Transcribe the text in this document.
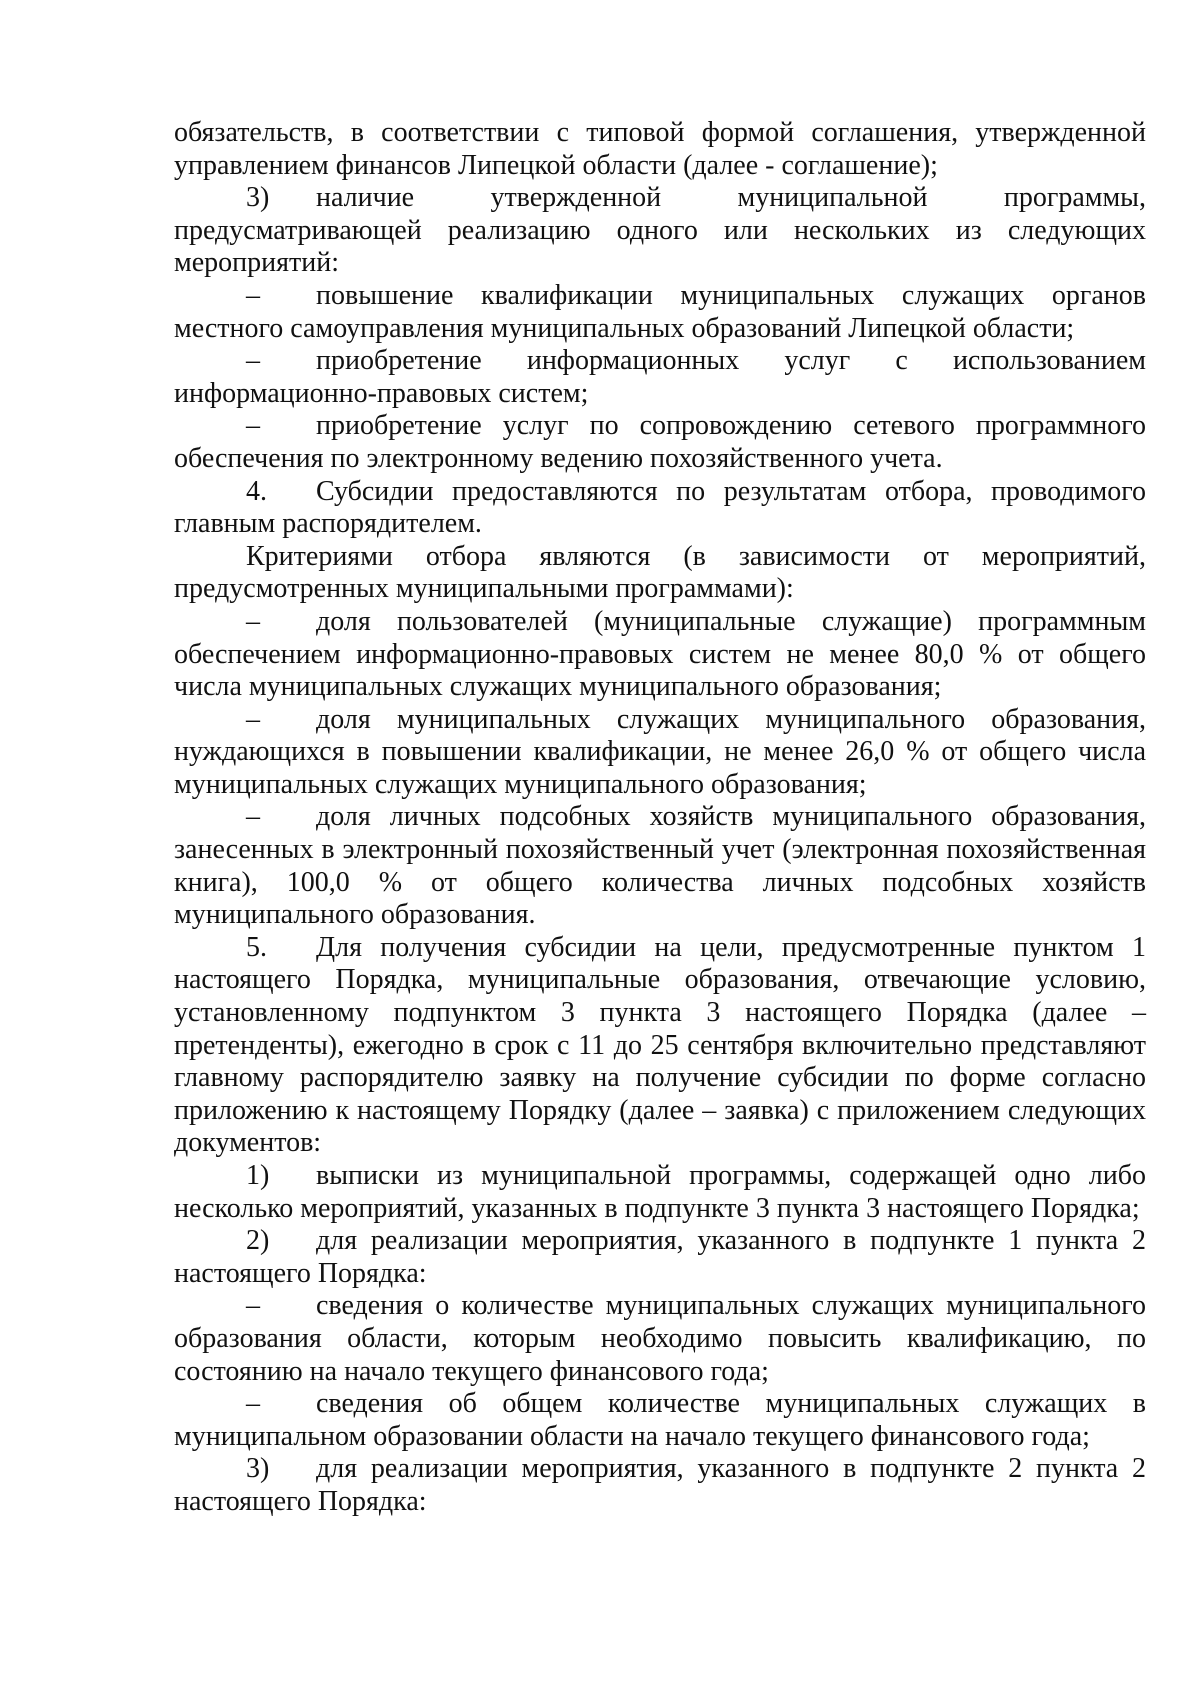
обязательств, в соответствии с типовой формой соглашения, утвержденной управлением финансов Липецкой области (далее - соглашение);

3) наличие утвержденной муниципальной программы, предусматривающей реализацию одного или нескольких из следующих мероприятий:

– повышение квалификации муниципальных служащих органов местного самоуправления муниципальных образований Липецкой области;

– приобретение информационных услуг с использованием информационно-правовых систем;

– приобретение услуг по сопровождению сетевого программного обеспечения по электронному ведению похозяйственного учета.

4. Субсидии предоставляются по результатам отбора, проводимого главным распорядителем.

Критериями отбора являются (в зависимости от мероприятий, предусмотренных муниципальными программами):

– доля пользователей (муниципальные служащие) программным обеспечением информационно-правовых систем не менее 80,0 % от общего числа муниципальных служащих муниципального образования;

– доля муниципальных служащих муниципального образования, нуждающихся в повышении квалификации, не менее 26,0 % от общего числа муниципальных служащих муниципального образования;

– доля личных подсобных хозяйств муниципального образования, занесенных в электронный похозяйственный учет (электронная похозяйственная книга), 100,0 % от общего количества личных подсобных хозяйств муниципального образования.

5. Для получения субсидии на цели, предусмотренные пунктом 1 настоящего Порядка, муниципальные образования, отвечающие условию, установленному подпунктом 3 пункта 3 настоящего Порядка (далее – претенденты), ежегодно в срок с 11 до 25 сентября включительно представляют главному распорядителю заявку на получение субсидии по форме согласно приложению к настоящему Порядку (далее – заявка) с приложением следующих документов:

1) выписки из муниципальной программы, содержащей одно либо несколько мероприятий, указанных в подпункте 3 пункта 3 настоящего Порядка;

2) для реализации мероприятия, указанного в подпункте 1 пункта 2 настоящего Порядка:

– сведения о количестве муниципальных служащих муниципального образования области, которым необходимо повысить квалификацию, по состоянию на начало текущего финансового года;

– сведения об общем количестве муниципальных служащих в муниципальном образовании области на начало текущего финансового года;

3) для реализации мероприятия, указанного в подпункте 2 пункта 2 настоящего Порядка:
